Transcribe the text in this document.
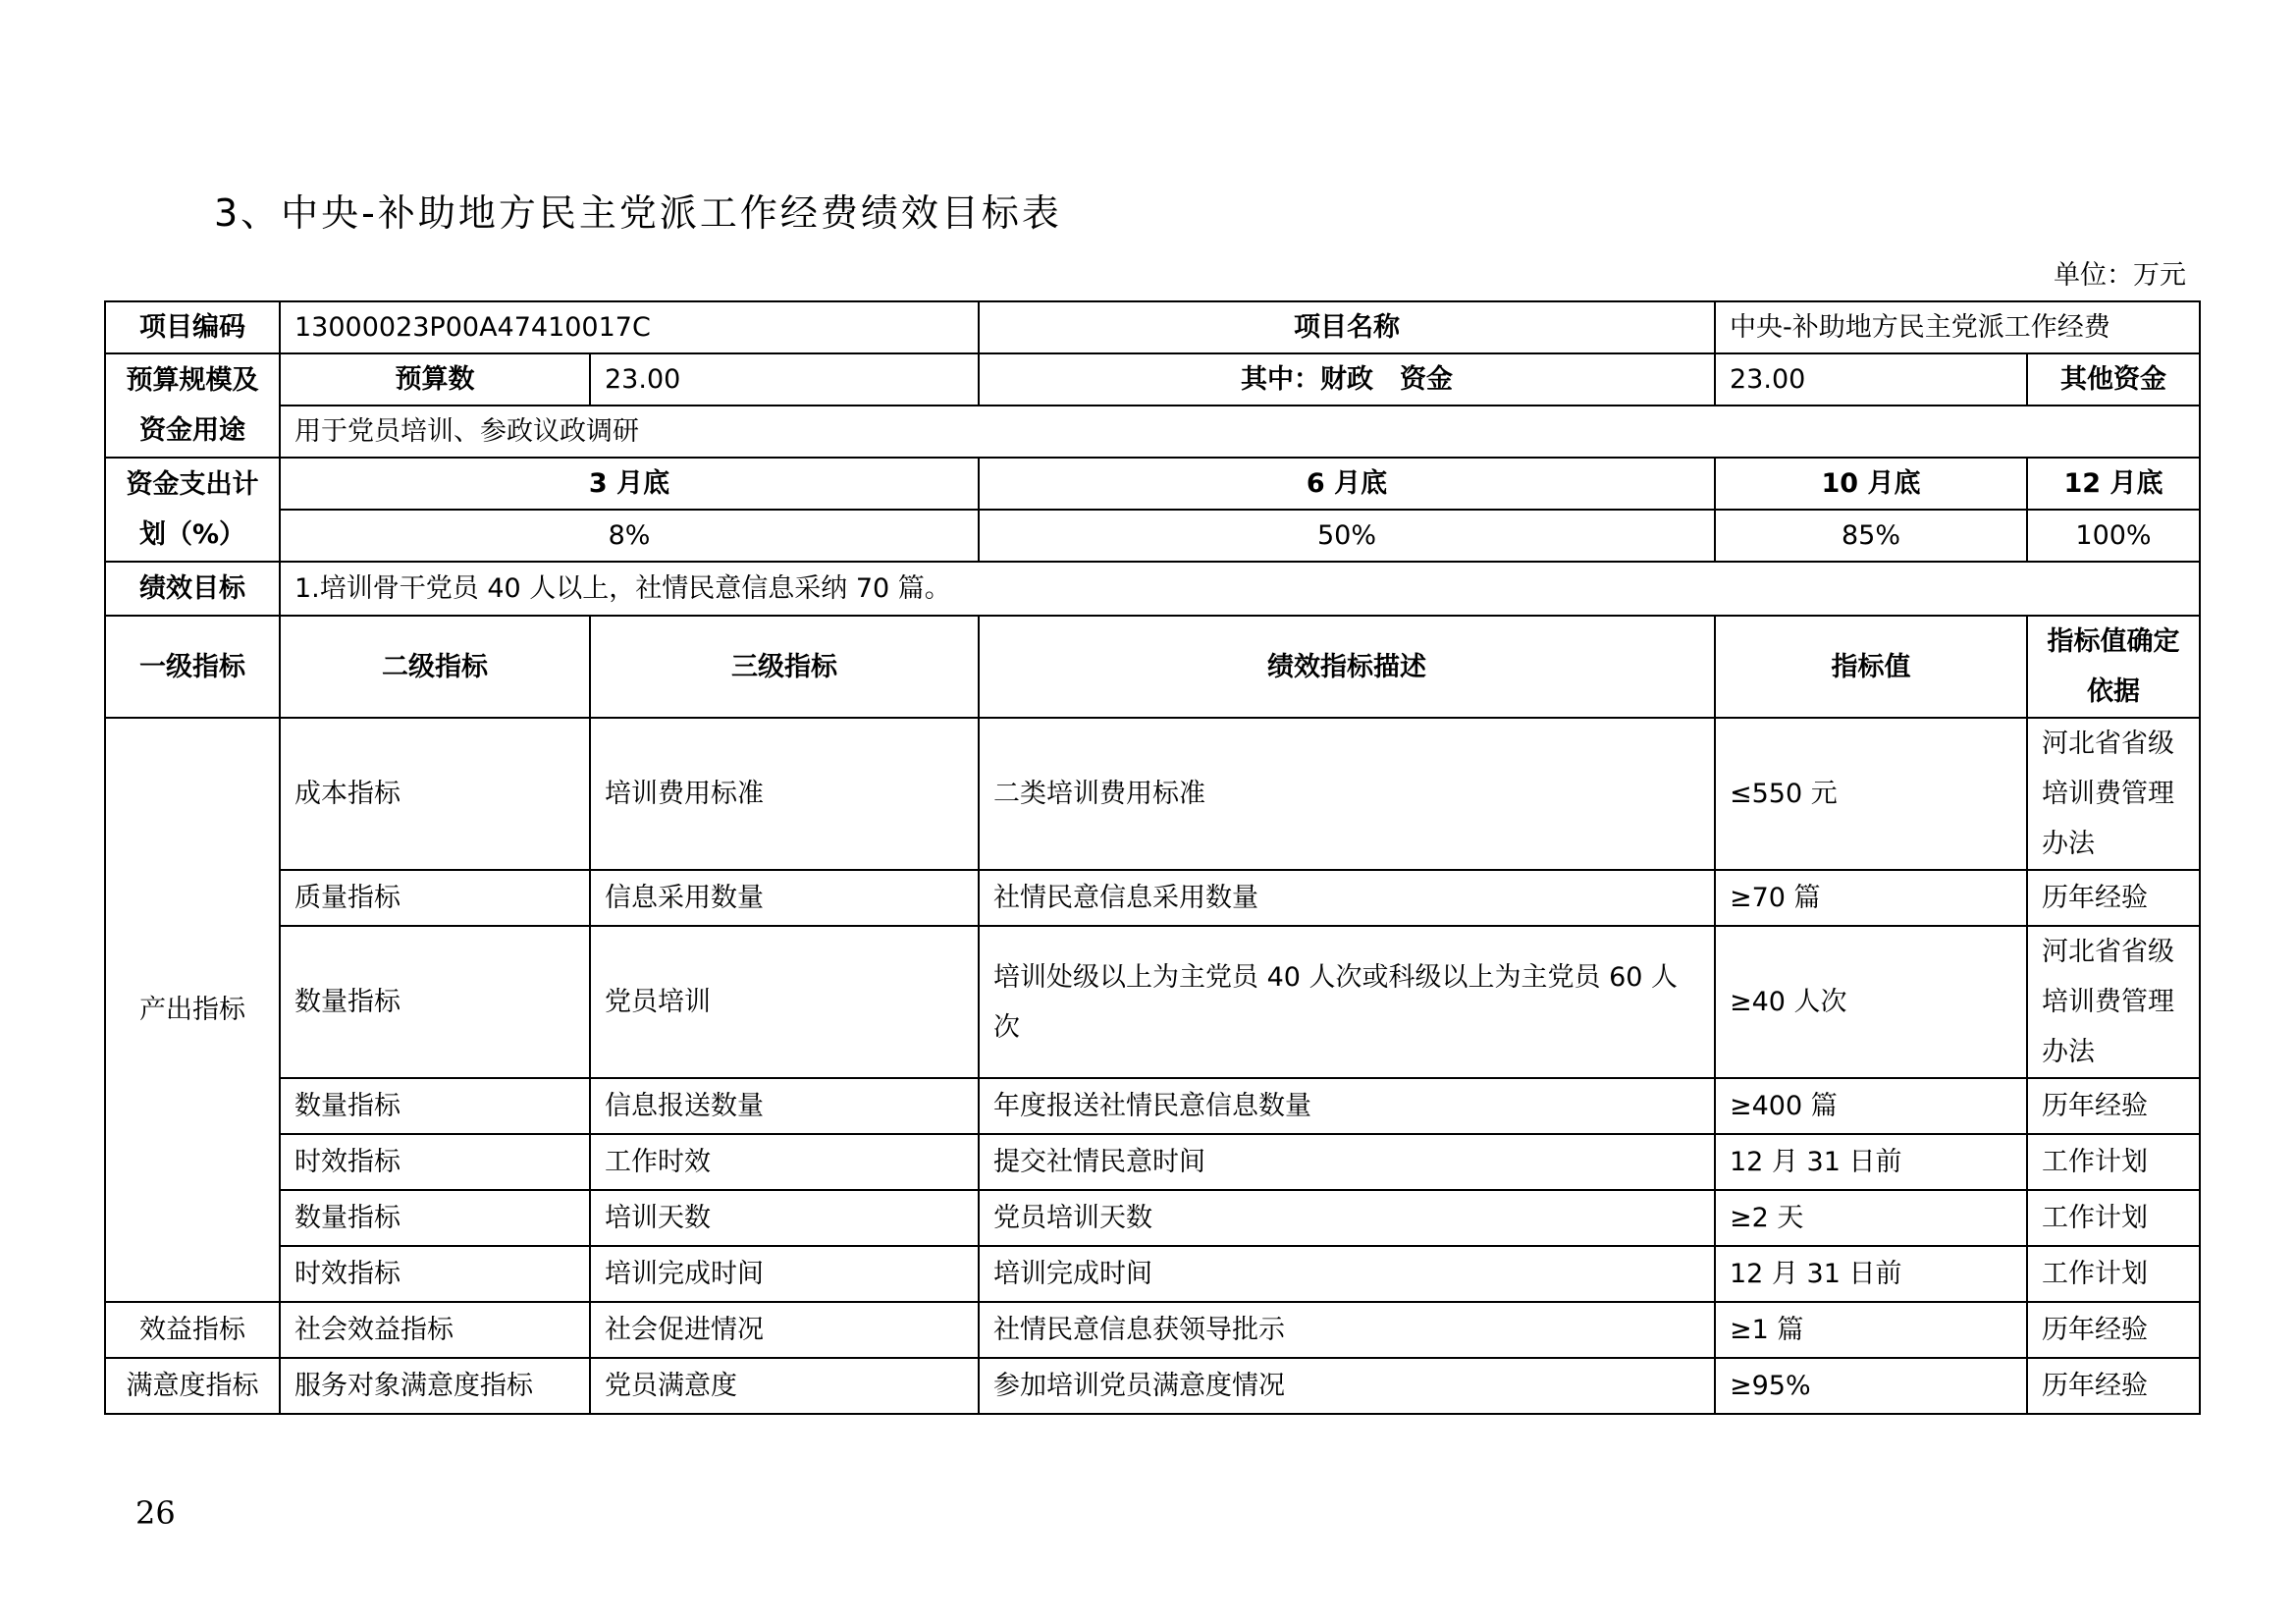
3、中央-补助地方民主党派工作经费绩效目标表
单位：万元
项目编码	13000023P00A47410017C		项目名称	中央-补助地方民主党派工作经费	

预算规模及
资金用途	预算数	23.00	其中：财政　资金	23.00	其他资金
	用于党员培训、参政议政调研				

资金支出计
划（%）	3 月底		6 月底	10 月底	12 月底
	8%		50%	85%	100%
绩效目标	1.培训骨干党员 40 人以上，社情民意信息采纳 70 篇。				
一级指标	二级指标	三级指标	绩效指标描述	指标值	指标值确定依据
产出指标	成本指标	培训费用标准	二类培训费用标准	≤550 元	河北省省级培训费管理办法
	质量指标	信息采用数量	社情民意信息采用数量	≥70 篇	历年经验
	数量指标	党员培训	培训处级以上为主党员 40 人次或科级以上为主党员 60 人次	≥40 人次	河北省省级培训费管理办法
	数量指标	信息报送数量	年度报送社情民意信息数量	≥400 篇	历年经验
	时效指标	工作时效	提交社情民意时间	12 月 31 日前	工作计划
	数量指标	培训天数	党员培训天数	≥2 天	工作计划
	时效指标	培训完成时间	培训完成时间	12 月 31 日前	工作计划
效益指标	社会效益指标	社会促进情况	社情民意信息获领导批示	≥1 篇	历年经验
满意度指标	服务对象满意度指标	党员满意度	参加培训党员满意度情况	≥95%	历年经验
26
